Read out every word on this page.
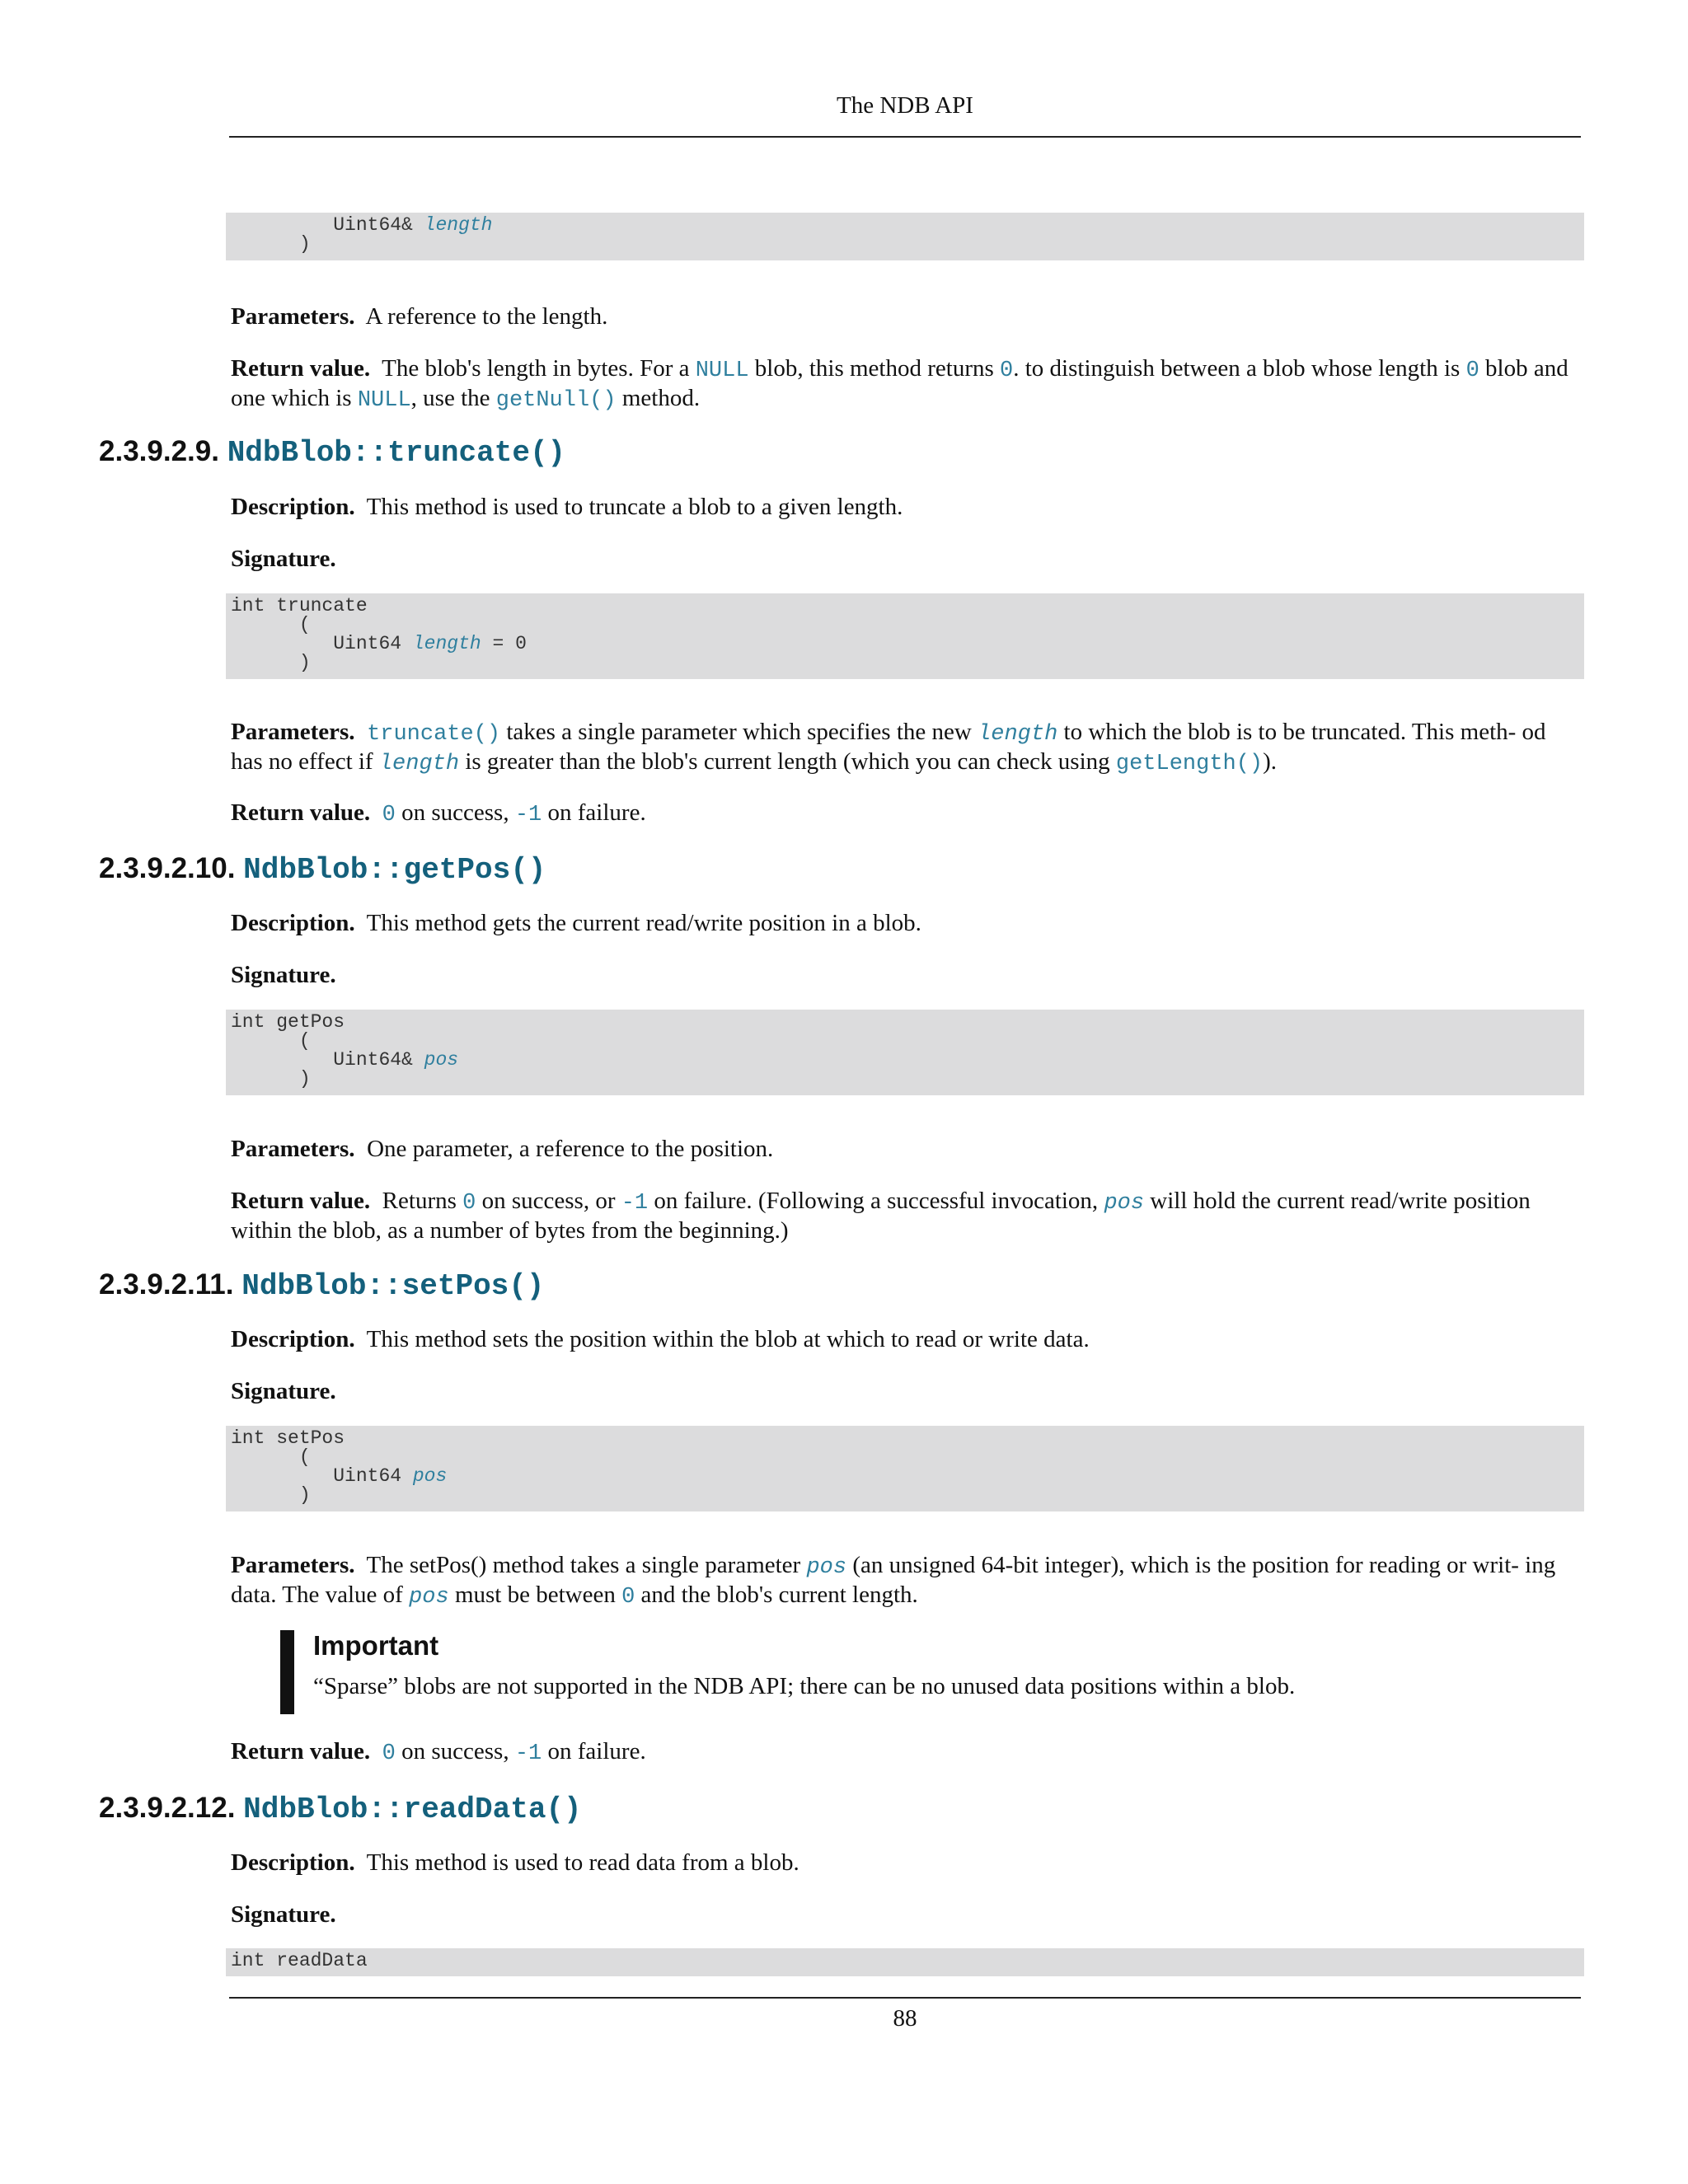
The NDB API
Uint64& length
)

Parameters. A reference to the length.

Return value. The blob's length in bytes. For a NULL blob, this method returns 0. to distinguish between a blob whose length is 0 blob and one which is NULL, use the getNull() method.

2.3.9.2.9. NdbBlob::truncate()

Description. This method is used to truncate a blob to a given length.

Signature.

int truncate
(
Uint64 length = 0
)

Parameters. truncate() takes a single parameter which specifies the new length to which the blob is to be truncated. This meth- od has no effect if length is greater than the blob's current length (which you can check using getLength()).

Return value. 0 on success, -1 on failure.

2.3.9.2.10. NdbBlob::getPos()

Description. This method gets the current read/write position in a blob.

Signature.

int getPos
(
Uint64& pos
)

Parameters. One parameter, a reference to the position.

Return value. Returns 0 on success, or -1 on failure. (Following a successful invocation, pos will hold the current read/write position within the blob, as a number of bytes from the beginning.)

2.3.9.2.11. NdbBlob::setPos()

Description. This method sets the position within the blob at which to read or write data.

Signature.

int setPos
(
Uint64 pos
)

Parameters. The setPos() method takes a single parameter pos (an unsigned 64-bit integer), which is the position for reading or writ- ing data. The value of pos must be between 0 and the blob's current length.

Important

“Sparse” blobs are not supported in the NDB API; there can be no unused data positions within a blob.

Return value. 0 on success, -1 on failure.

2.3.9.2.12. NdbBlob::readData()

Description. This method is used to read data from a blob.

Signature.

int readData
88
